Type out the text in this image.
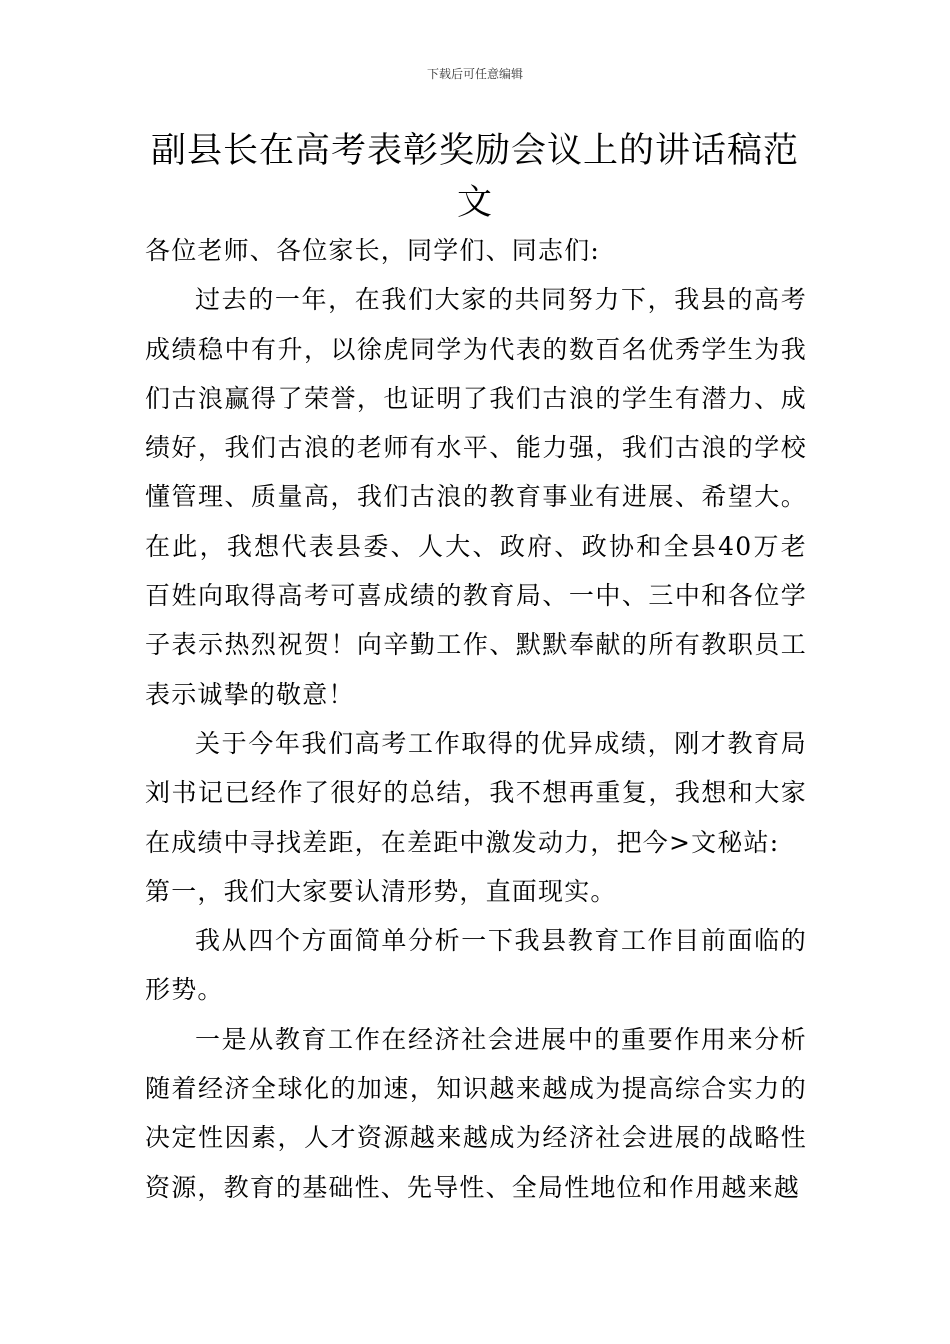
下载后可任意编辑
副县长在高考表彰奖励会议上的讲话稿范文

各位老师、各位家长，同学们、同志们:

过去的一年，在我们大家的共同努力下，我县的高考成绩稳中有升，以徐虎同学为代表的数百名优秀学生为我们古浪赢得了荣誉，也证明了我们古浪的学生有潜力、成绩好，我们古浪的老师有水平、能力强，我们古浪的学校懂管理、质量高，我们古浪的教育事业有进展、希望大。在此，我想代表县委、人大、政府、政协和全县40万老百姓向取得高考可喜成绩的教育局、一中、三中和各位学子表示热烈祝贺！向辛勤工作、默默奉献的所有教职员工表示诚挚的敬意！

关于今年我们高考工作取得的优异成绩，刚才教育局刘书记已经作了很好的总结，我不想再重复，我想和大家在成绩中寻找差距，在差距中激发动力，把今>文秘站:

第一，我们大家要认清形势，直面现实。

我从四个方面简单分析一下我县教育工作目前面临的形势。

一是从教育工作在经济社会进展中的重要作用来分析随着经济全球化的加速，知识越来越成为提高综合实力的决定性因素，人才资源越来越成为经济社会进展的战略性资源，教育的基础性、先导性、全局性地位和作用越来越
